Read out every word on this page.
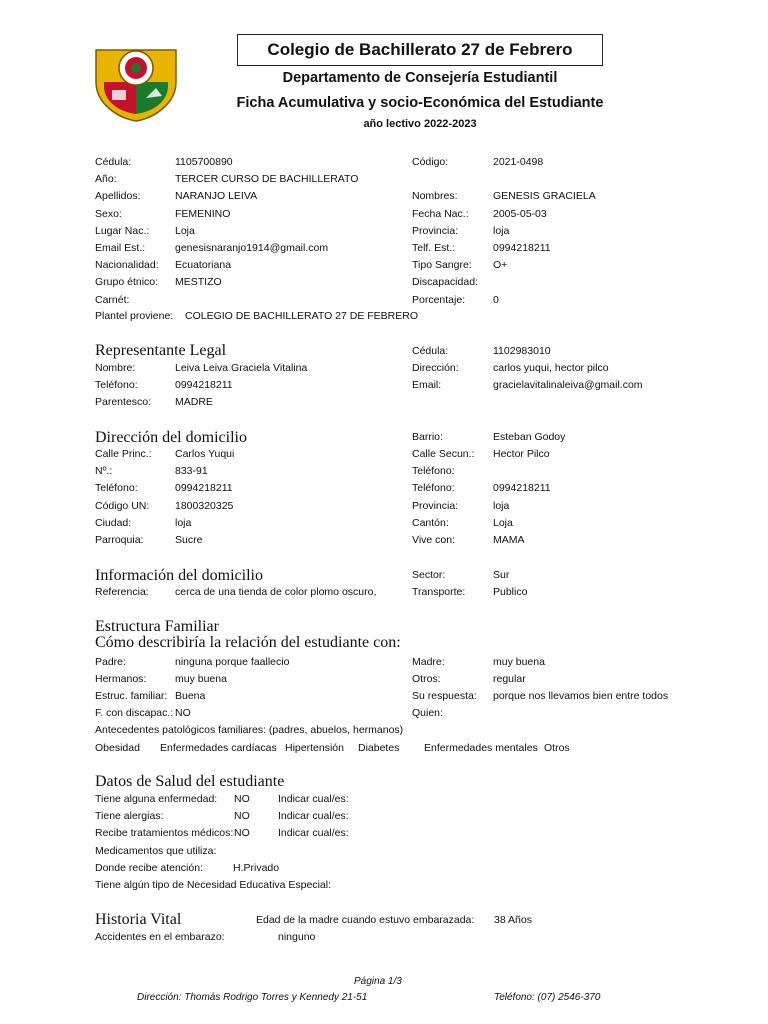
Colegio de Bachillerato 27 de Febrero
Departamento de Consejería Estudiantil
Ficha Acumulativa y socio-Económica del Estudiante
año lectivo 2022-2023
Cédula:	1105700890	Código:	2021-0498
Año:	TERCER CURSO DE BACHILLERATO
Apellidos:	NARANJO LEIVA	Nombres:	GENESIS GRACIELA
Sexo:	FEMENINO	Fecha Nac.: 2005-05-03
Lugar Nac.: Loja	Provincia:	loja
Email Est.:	genesisnaranjo1914@gmail.com	Telf. Est.:	0994218211
Nacionalidad: Ecuatoriana	Tipo Sangre: O+
Grupo étnico: MESTIZO	Discapacidad:
Carnét:	Porcentaje:	0
Plantel proviene: COLEGIO DE BACHILLERATO 27 DE FEBRERO
Representante Legal	Cédula:	1102983010
Nombre:	Leiva Leiva Graciela Vitalina	Dirección:	carlos yuqui, hector pilco
Teléfono:	0994218211	Email:	gracielavitalinaleiva@gmail.com
Parentesco: MADRE
Dirección del domicilio	Barrio:	Esteban Godoy
Calle Princ.: Carlos Yuqui	Calle Secun.: Hector Pilco
Nº.:	833-91	Teléfono:
Teléfono:	0994218211	Teléfono:	0994218211
Código UN: 1800320325	Provincia:	loja
Ciudad:	loja	Cantón:	Loja
Parroquia:	Sucre	Vive con:	MAMA
Información del domicilio	Sector:	Sur
Referencia:	cerca de una tienda de color plomo oscuro,	Transporte:	Publico
Estructura Familiar
Cómo describiría la relación del estudiante con:
Padre:	ninguna porque faallecio	Madre:	muy buena
Hermanos:	muy buena	Otros:	regular
Estruc. familiar: Buena	Su respuesta: porque nos llevamos bien entre todos
F. con discapac.: NO	Quien:
Antecedentes patológicos familiares: (padres, abuelos, hermanos)
Obesidad Enfermedades cardíacas Hipertensión Diabetes Enfermedades mentales Otros
Datos de Salud del estudiante
Tiene alguna enfermedad: NO	Indicar cual/es:
Tiene alergias:	NO	Indicar cual/es:
Recibe tratamientos médicos: NO	Indicar cual/es:
Medicamentos que utiliza:
Donde recibe atención:	H.Privado
Tiene algún tipo de Necesidad Educativa Especial:
Historia Vital	Edad de la madre cuando estuvo embarazada: 38 Años
Accidentes en el embarazo:	ninguno
Página 1/3
Dirección: Thomás Rodrigo Torres y Kennedy 21-51	Teléfono: (07) 2546-370
